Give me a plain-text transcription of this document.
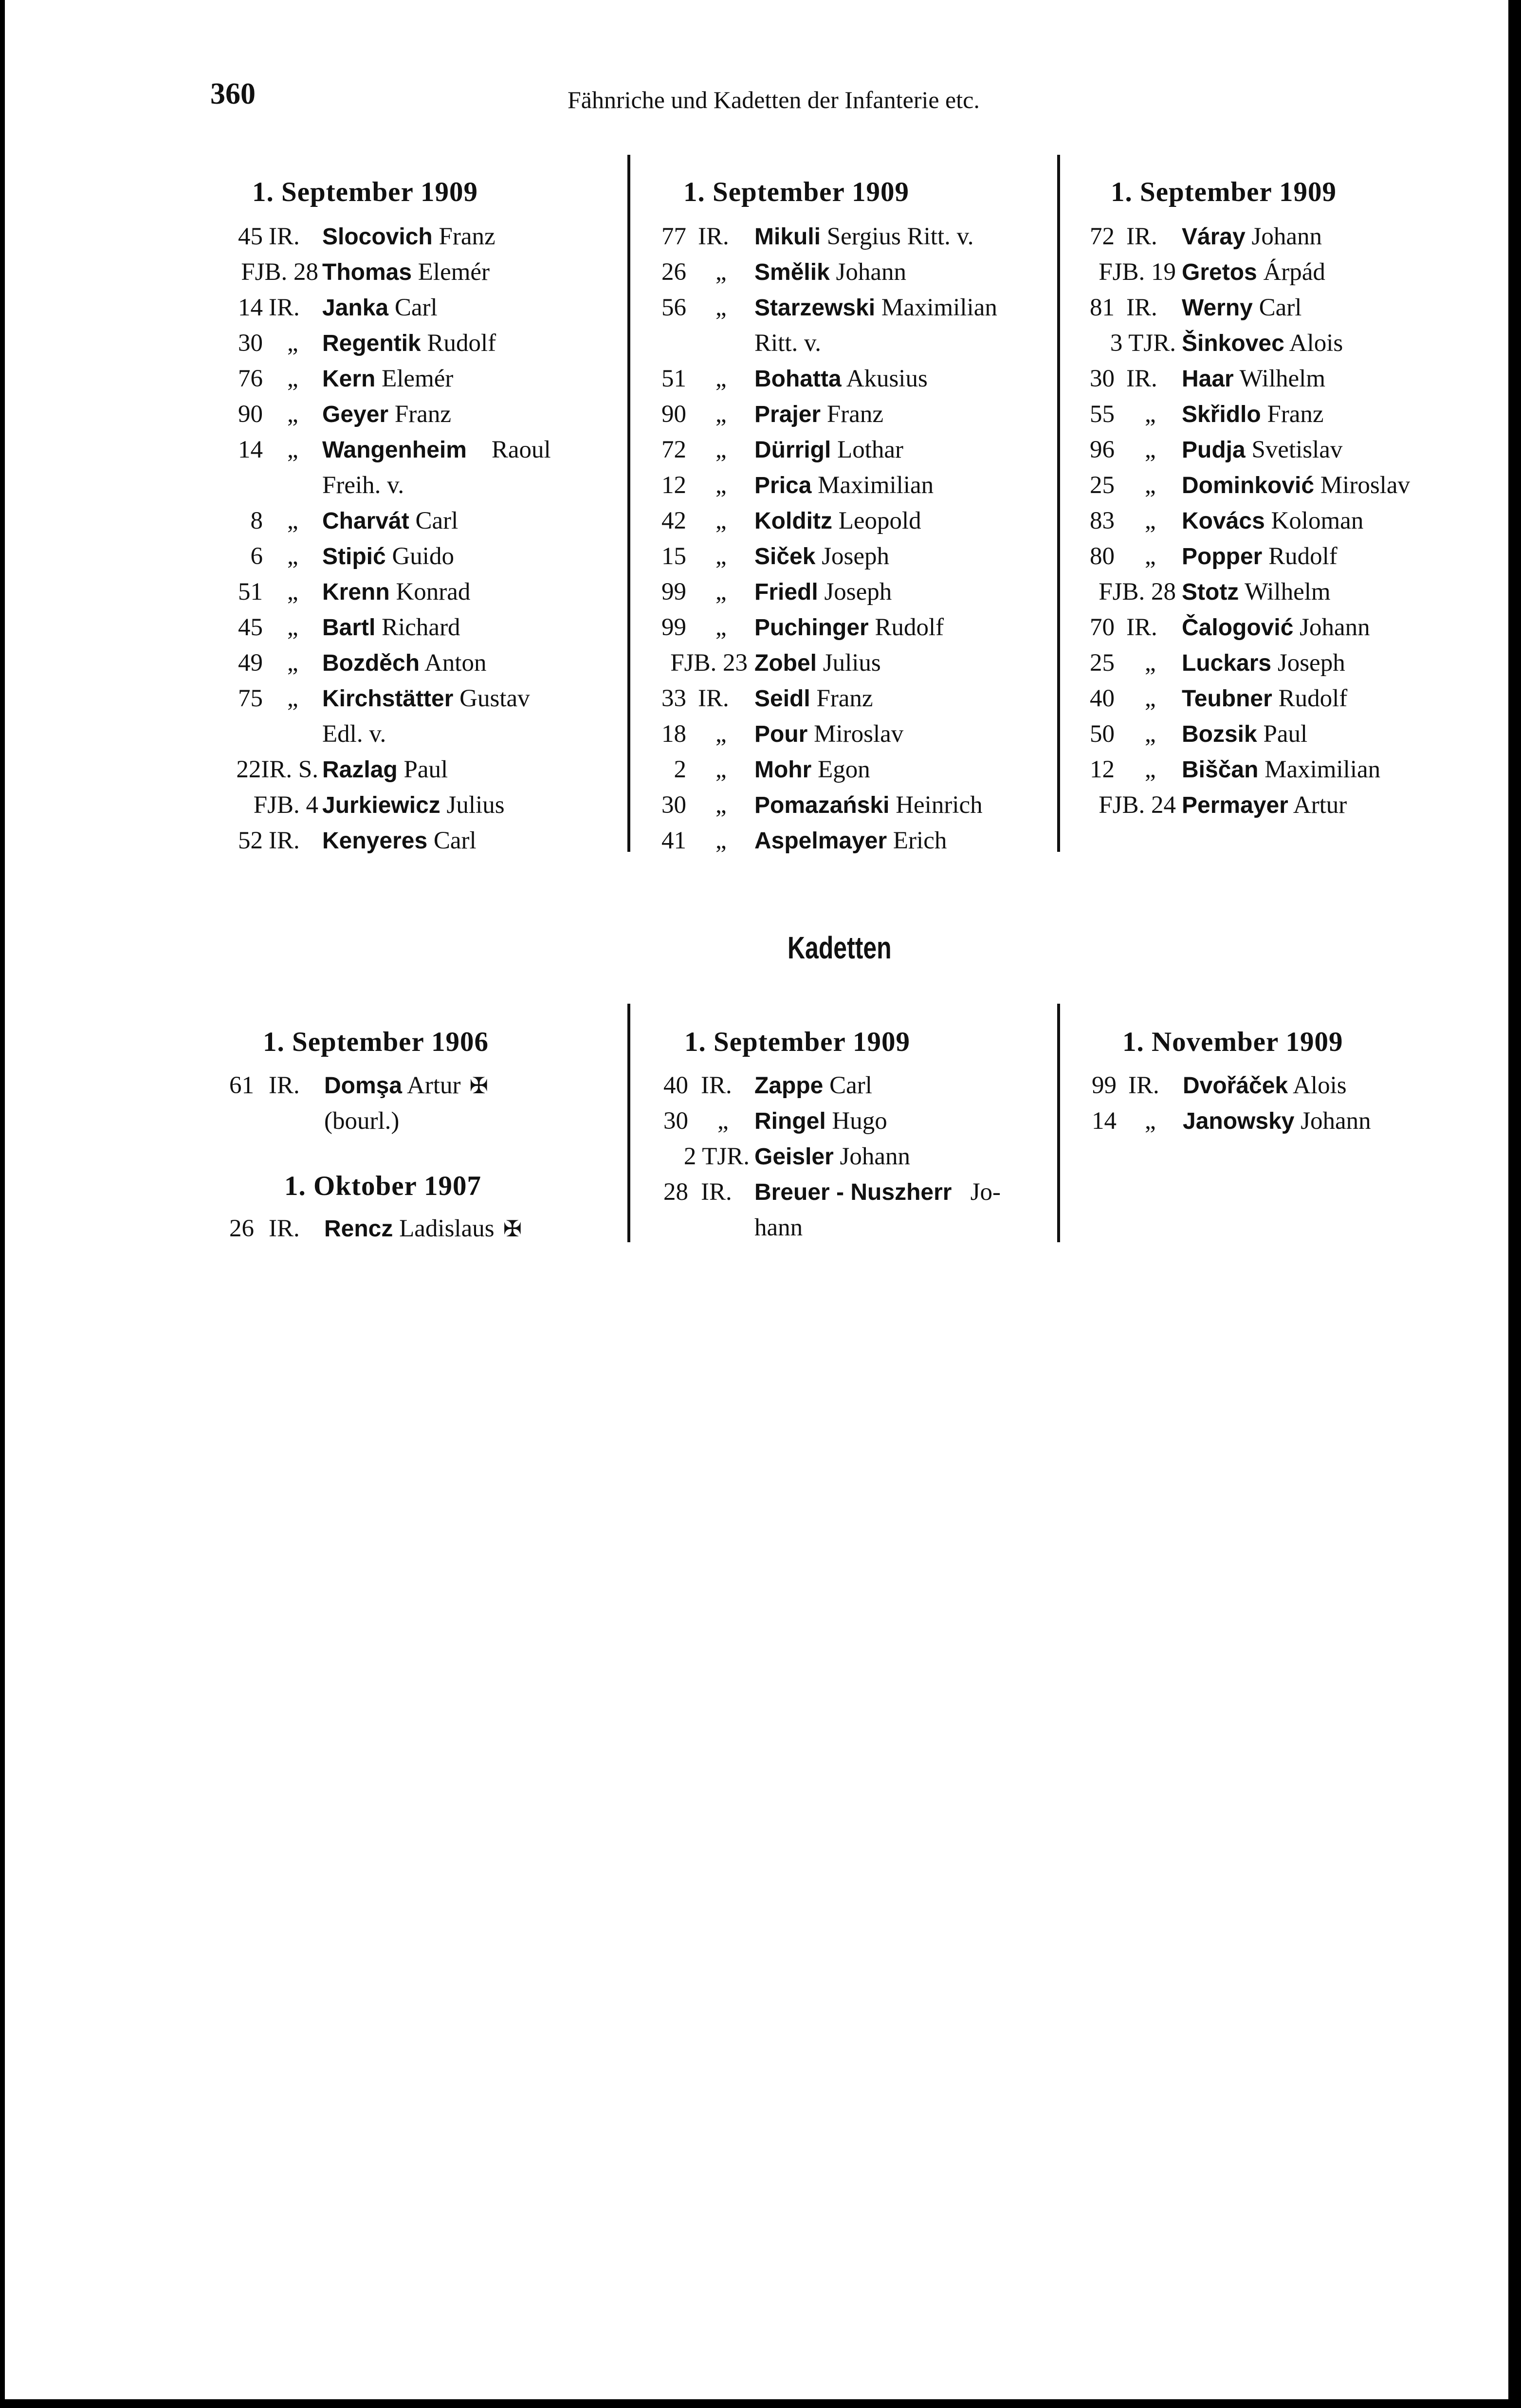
360	Fähnriche und Kadetten der Infanterie etc.
1. September 1909	1. September 1909	1. September 1909
45 IR. Slocovich Franz
FJB. 28 Thomas Elemér
14 IR. Janka Carl
30 „ Regentik Rudolf
76 „ Kern Elemér
90 „ Geyer Franz
14 „ Wangenheim Raoul
Freih. v.
8 „ Charvát Carl
6 „ Stipić Guido
51 „ Krenn Konrad
45 „ Bartl Richard
49 „ Bozděch Anton
75 „ Kirchstätter Gustav
Edl. v.
22IR. S. Razlag Paul
FJB. 4 Jurkiewicz Julius
52 IR. Kenyeres Carl
77 IR. Mikuli Sergius Ritt. v.
26 „ Smělik Johann
56 „ Starzewski Maximilian
Ritt. v.
51 „ Bohatta Akusius
90 „ Prajer Franz
72 „ Dürrigl Lothar
12 „ Prica Maximilian
42 „ Kolditz Leopold
15 „ Siček Joseph
99 „ Friedl Joseph
99 „ Puchinger Rudolf
FJB. 23 Zobel Julius
33 IR. Seidl Franz
18 „ Pour Miroslav
2 „ Mohr Egon
30 „ Pomazański Heinrich
41 „ Aspelmayer Erich
72 IR. Váray Johann
FJB. 19 Gretos Árpád
81 IR. Werny Carl
3 TJR. Šinkovec Alois
30 IR. Haar Wilhelm
55 „ Skřidlo Franz
96 „ Pudja Svetislav
25 „ Dominković Miroslav
83 „ Kovács Koloman
80 „ Popper Rudolf
FJB. 28 Stotz Wilhelm
70 IR. Čalogović Johann
25 „ Luckars Joseph
40 „ Teubner Rudolf
50 „ Bozsik Paul
12 „ Biščan Maximilian
FJB. 24 Permayer Artur
Kadetten
1. September 1906	1. September 1909	1. November 1909
61 IR. Domşa Artur ✠
(bourl.)
1. Oktober 1907
26 IR. Rencz Ladislaus ✠
40 IR. Zappe Carl
30 „ Ringel Hugo
2 TJR. Geisler Johann
28 IR. Breuer - Nuszherr Jo-
hann
99 IR. Dvořáček Alois
14 „ Janowsky Johann
